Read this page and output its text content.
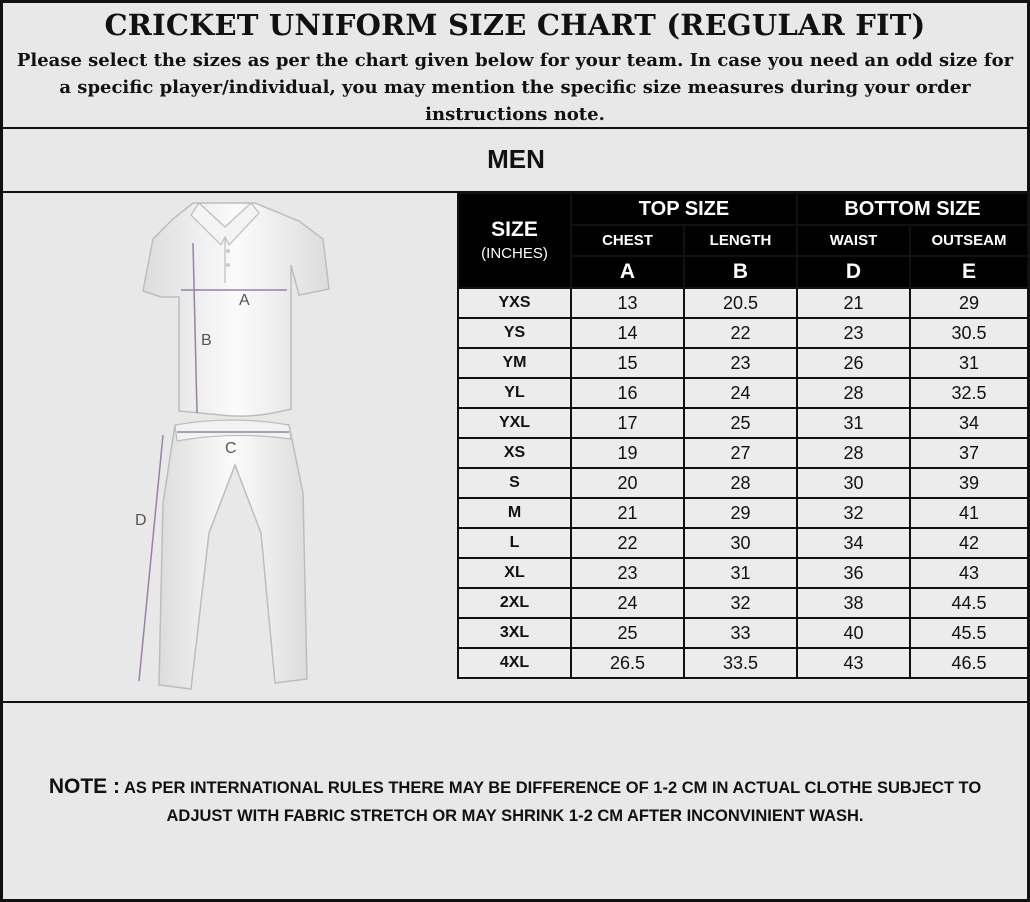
CRICKET UNIFORM SIZE CHART (REGULAR FIT)
Please select the sizes as per the chart given below for your team. In case you need an odd size for a specific player/individual, you may mention the specific size measures during your order instructions note.
MEN
A
B
C
D
SIZE
(INCHES)	TOP SIZE		BOTTOM SIZE	
	CHEST	LENGTH	WAIST	OUTSEAM
	A	B	D	E
YXS	13	20.5	21	29
YS	14	22	23	30.5
YM	15	23	26	31
YL	16	24	28	32.5
YXL	17	25	31	34
XS	19	27	28	37
S	20	28	30	39
M	21	29	32	41
L	22	30	34	42
XL	23	31	36	43
2XL	24	32	38	44.5
3XL	25	33	40	45.5
4XL	26.5	33.5	43	46.5
NOTE : AS PER INTERNATIONAL RULES THERE MAY BE DIFFERENCE OF 1-2 CM IN ACTUAL CLOTHE SUBJECT TO ADJUST WITH FABRIC STRETCH OR MAY SHRINK 1-2 CM AFTER INCONVINIENT WASH.
